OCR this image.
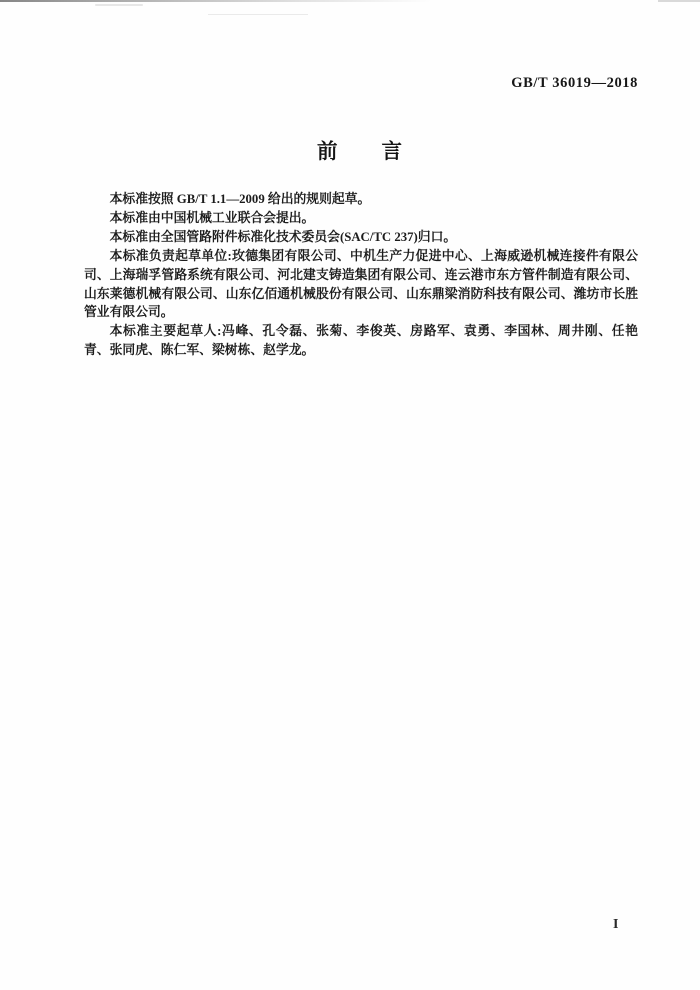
GB/T 36019—2018
前　　言

本标准按照 GB/T 1.1—2009 给出的规则起草。

本标准由中国机械工业联合会提出。

本标准由全国管路附件标准化技术委员会(SAC/TC 237)归口。

本标准负责起草单位:玫德集团有限公司、中机生产力促进中心、上海威逊机械连接件有限公司、上海瑞孚管路系统有限公司、河北建支铸造集团有限公司、连云港市东方管件制造有限公司、山东莱德机械有限公司、山东亿佰通机械股份有限公司、山东鼎梁消防科技有限公司、潍坊市长胜管业有限公司。

本标准主要起草人:冯峰、孔令磊、张菊、李俊英、房路军、袁勇、李国林、周井刚、任艳青、张同虎、陈仁军、梁树栋、赵学龙。

I
